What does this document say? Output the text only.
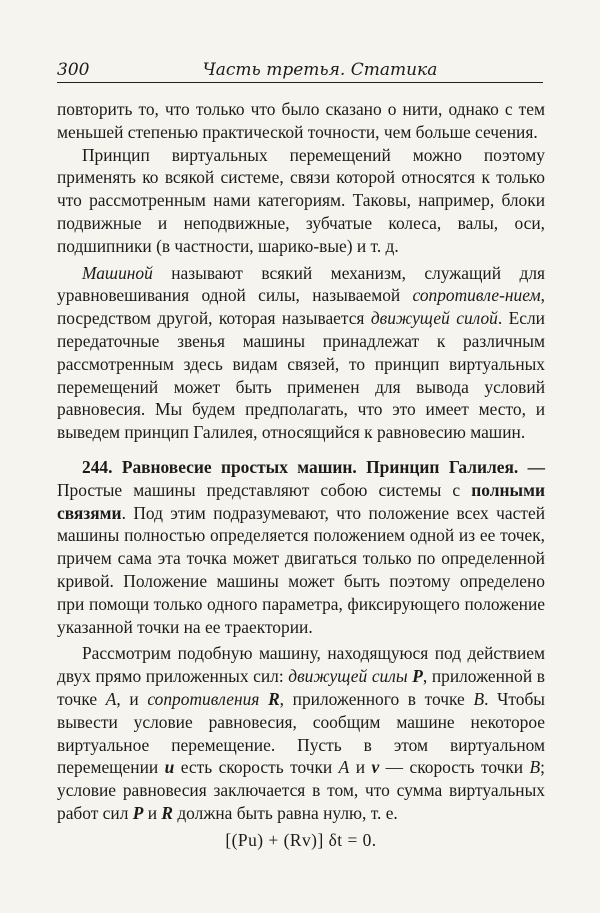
300	Часть третья. Статика

повторить то, что только что было сказано о нити, однако с тем меньшей степенью практической точности, чем больше сечения.

Принцип виртуальных перемещений можно поэтому применять ко всякой системе, связи которой относятся к только что рассмотренным нами категориям. Таковы, например, блоки подвижные и неподвижные, зубчатые колеса, валы, оси, подшипники (в частности, шарико-вые) и т. д.

Машиной называют всякий механизм, служащий для уравновешивания одной силы, называемой сопротивле-нием, посредством другой, которая называется движущей силой. Если передаточные звенья машины принадлежат к различным рассмотренным здесь видам связей, то принцип виртуальных перемещений может быть применен для вывода условий равновесия. Мы будем предполагать, что это имеет место, и выведем принцип Галилея, относящийся к равновесию машин.

244. Равновесие простых машин. Принцип Галилея. — Простые машины представляют собою системы с полными связями. Под этим подразумевают, что положение всех частей машины полностью определяется положением одной из ее точек, причем сама эта точка может двигаться только по определенной кривой. Положение машины может быть поэтому определено при помощи только одного параметра, фиксирующего положение указанной точки на ее траектории.

Рассмотрим подобную машину, находящуюся под действием двух прямо приложенных сил: движущей силы P, приложенной в точке A, и сопротивления R, приложенного в точке B. Чтобы вывести условие равновесия, сообщим машине некоторое виртуальное перемещение. Пусть в этом виртуальном перемещении u есть скорость точки A и v — скорость точки B; условие равновесия заключается в том, что сумма виртуальных работ сил P и R должна быть равна нулю, т. е.

[(Pu) + (Rv)] δt = 0.
